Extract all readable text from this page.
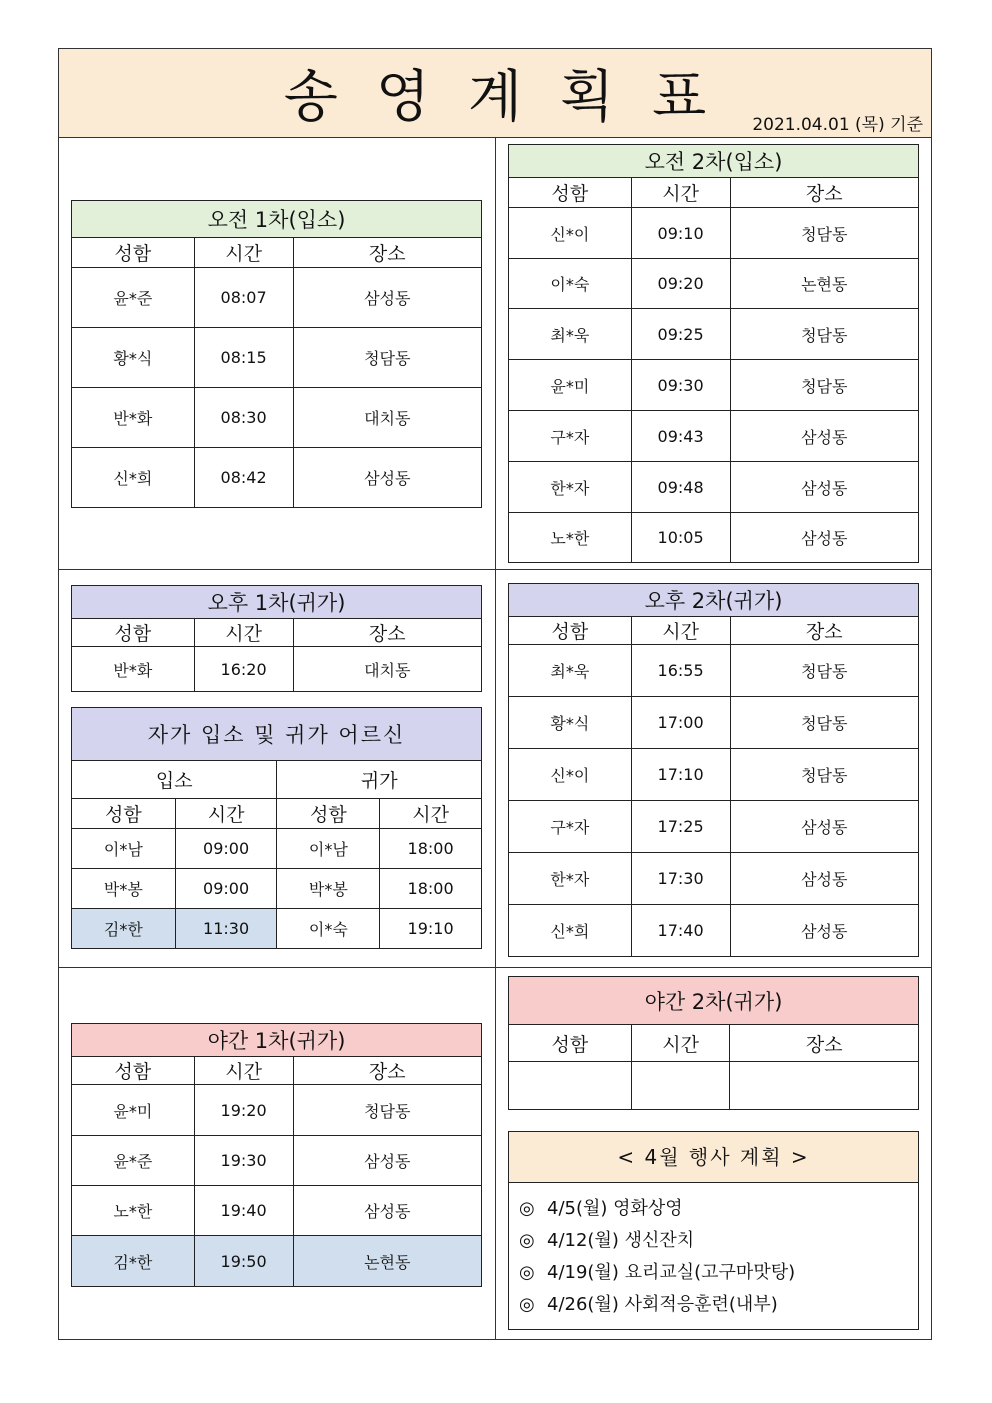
송영계획표 2021.04.01 (목) 기준
오전 1차(입소)		
성함	시간	장소
윤*준	08:07	삼성동
황*식	08:15	청담동
반*화	08:30	대치동
신*희	08:42	삼성동
오전 2차(입소)		
성함	시간	장소
신*이	09:10	청담동
이*숙	09:20	논현동
최*욱	09:25	청담동
윤*미	09:30	청담동
구*자	09:43	삼성동
한*자	09:48	삼성동
노*한	10:05	삼성동
오후 1차(귀가)		
성함	시간	장소
반*화	16:20	대치동
자가 입소 및 귀가 어르신			
입소		귀가	
성함	시간	성함	시간
이*남	09:00	이*남	18:00
박*봉	09:00	박*봉	18:00
김*한	11:30	이*숙	19:10
오후 2차(귀가)		
성함	시간	장소
최*욱	16:55	청담동
황*식	17:00	청담동
신*이	17:10	청담동
구*자	17:25	삼성동
한*자	17:30	삼성동
신*희	17:40	삼성동
야간 1차(귀가)		
성함	시간	장소
윤*미	19:20	청담동
윤*준	19:30	삼성동
노*한	19:40	삼성동
김*한	19:50	논현동
야간 2차(귀가)		
성함	시간	장소

< 4월 행사 계획 >
◎ 4/5(월) 영화상영
◎ 4/12(월) 생신잔치
◎ 4/19(월) 요리교실(고구마맛탕)
◎ 4/26(월) 사회적응훈련(내부)
